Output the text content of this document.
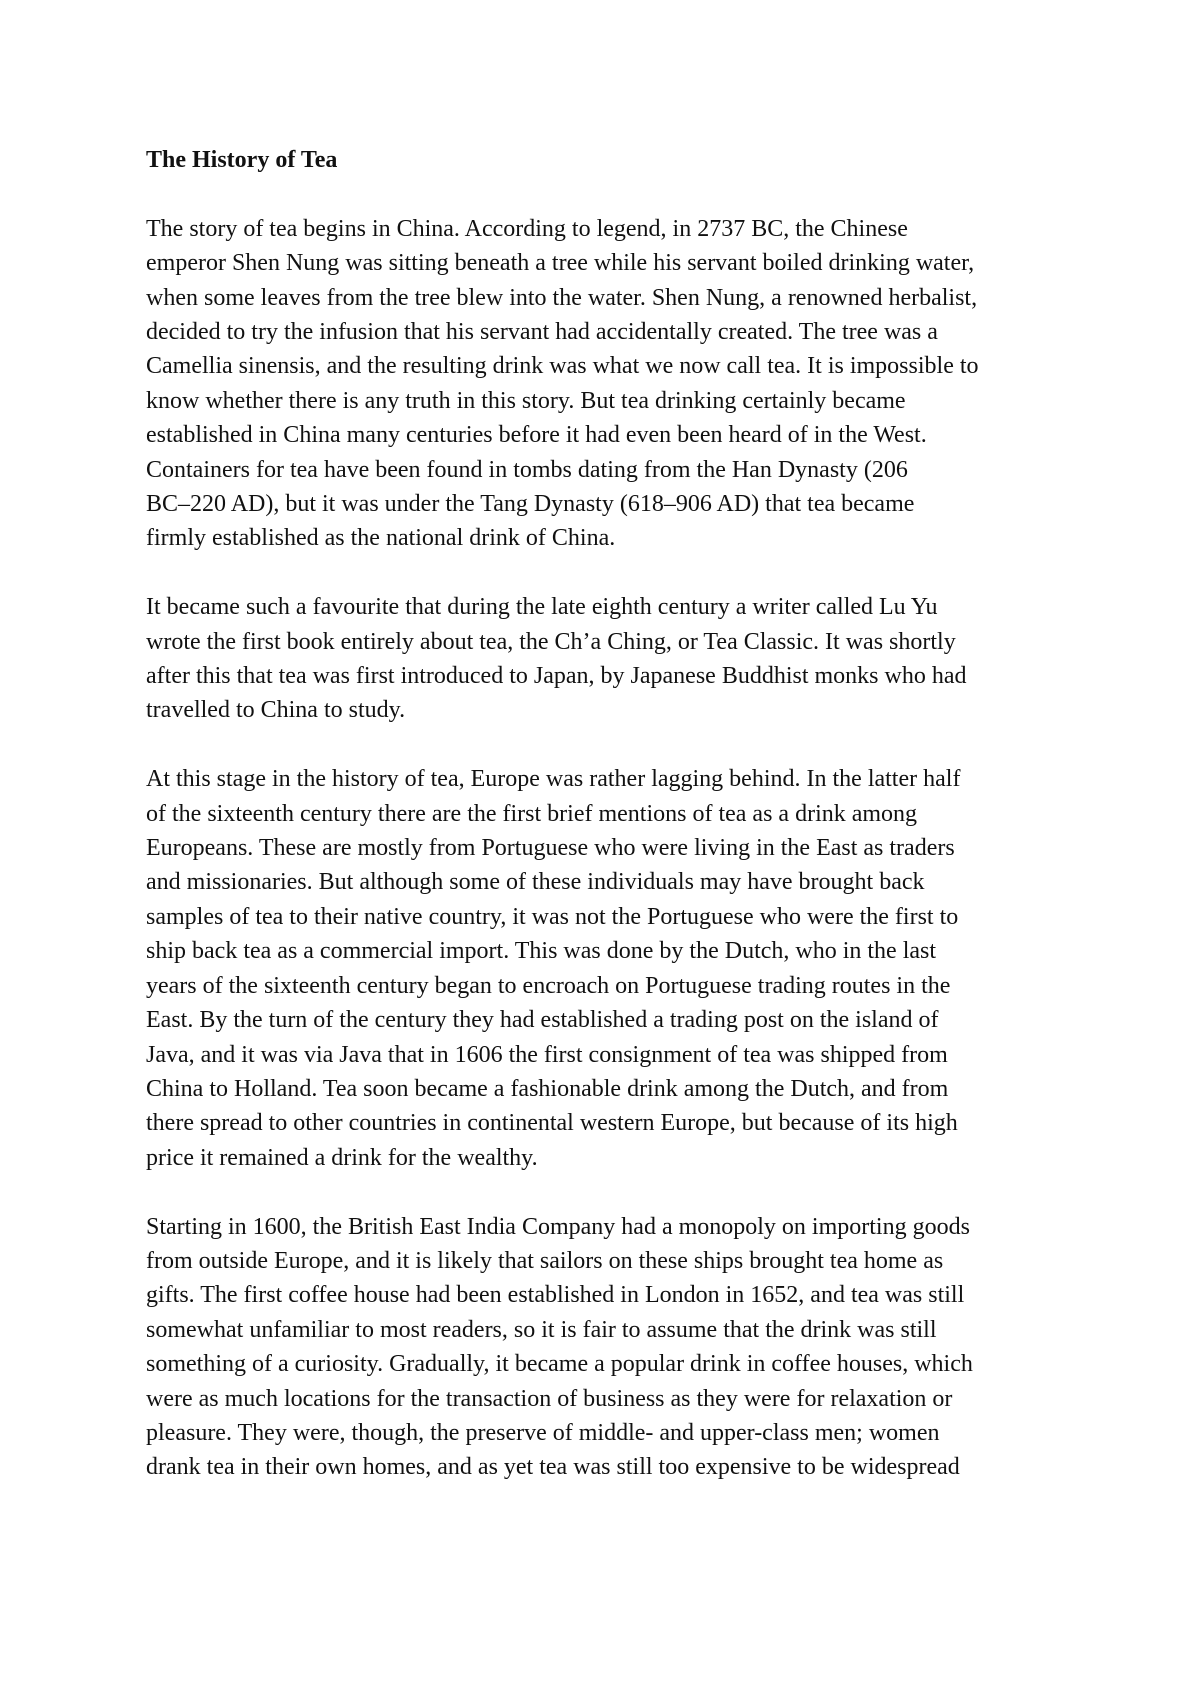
The History of Tea
The story of tea begins in China. According to legend, in 2737 BC, the Chinese
emperor Shen Nung was sitting beneath a tree while his servant boiled drinking water,
when some leaves from the tree blew into the water. Shen Nung, a renowned herbalist,
decided to try the infusion that his servant had accidentally created. The tree was a
Camellia sinensis, and the resulting drink was what we now call tea. It is impossible to
know whether there is any truth in this story. But tea drinking certainly became
established in China many centuries before it had even been heard of in the West.
Containers for tea have been found in tombs dating from the Han Dynasty (206
BC–220 AD), but it was under the Tang Dynasty (618–906 AD) that tea became
firmly established as the national drink of China.
It became such a favourite that during the late eighth century a writer called Lu Yu
wrote the first book entirely about tea, the Ch’a Ching, or Tea Classic. It was shortly
after this that tea was first introduced to Japan, by Japanese Buddhist monks who had
travelled to China to study.
At this stage in the history of tea, Europe was rather lagging behind. In the latter half
of the sixteenth century there are the first brief mentions of tea as a drink among
Europeans. These are mostly from Portuguese who were living in the East as traders
and missionaries. But although some of these individuals may have brought back
samples of tea to their native country, it was not the Portuguese who were the first to
ship back tea as a commercial import. This was done by the Dutch, who in the last
years of the sixteenth century began to encroach on Portuguese trading routes in the
East. By the turn of the century they had established a trading post on the island of
Java, and it was via Java that in 1606 the first consignment of tea was shipped from
China to Holland. Tea soon became a fashionable drink among the Dutch, and from
there spread to other countries in continental western Europe, but because of its high
price it remained a drink for the wealthy.
Starting in 1600, the British East India Company had a monopoly on importing goods
from outside Europe, and it is likely that sailors on these ships brought tea home as
gifts. The first coffee house had been established in London in 1652, and tea was still
somewhat unfamiliar to most readers, so it is fair to assume that the drink was still
something of a curiosity. Gradually, it became a popular drink in coffee houses, which
were as much locations for the transaction of business as they were for relaxation or
pleasure. They were, though, the preserve of middle- and upper-class men; women
drank tea in their own homes, and as yet tea was still too expensive to be widespread
